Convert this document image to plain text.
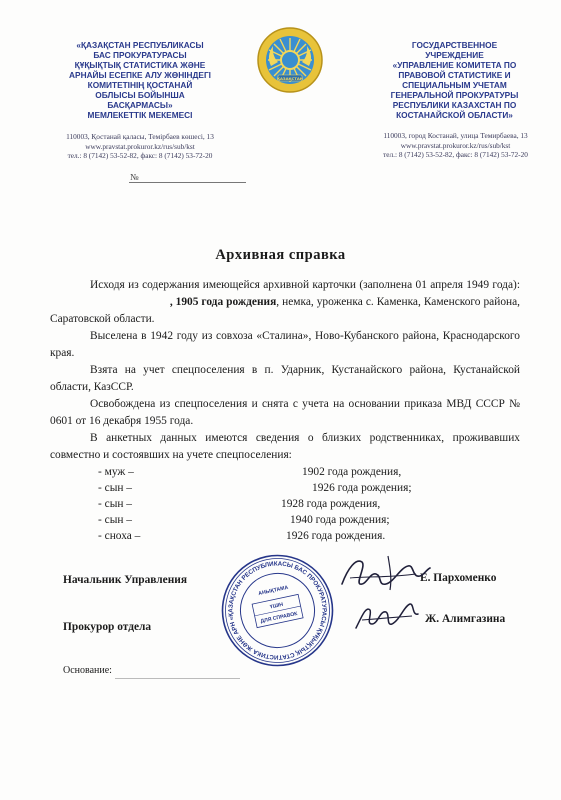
«ҚАЗАҚСТАН РЕСПУБЛИКАСЫ
БАС ПРОКУРАТУРАСЫ
ҚҰҚЫҚТЫҚ СТАТИСТИКА ЖӘНЕ
АРНАЙЫ ЕСЕПКЕ АЛУ ЖӨНІНДЕГІ
КОМИТЕТІНІҢ ҚОСТАНАЙ
ОБЛЫСЫ БОЙЫНША
БАСҚАРМАСЫ»
МЕМЛЕКЕТТІК МЕКЕМЕСІ
ҚАЗАҚСТАН
ГОСУДАРСТВЕННОЕ
УЧРЕЖДЕНИЕ
«УПРАВЛЕНИЕ КОМИТЕТА ПО
ПРАВОВОЙ СТАТИСТИКЕ И
СПЕЦИАЛЬНЫМ УЧЕТАМ
ГЕНЕРАЛЬНОЙ ПРОКУРАТУРЫ
РЕСПУБЛИКИ КАЗАХСТАН ПО
КОСТАНАЙСКОЙ ОБЛАСТИ»
110003, Қостанай қаласы, Темірбаев көшесі, 13
www.pravstat.prokuror.kz/rus/sub/kst
тел.: 8 (7142) 53-52-82, факс: 8 (7142) 53-72-20
110003, город Костанай, улица Темирбаева, 13
www.pravstat.prokuror.kz/rus/sub/kst
тел.: 8 (7142) 53-52-82, факс: 8 (7142) 53-72-20
№
Архивная справка

Исходя из содержания имеющейся архивной карточки (заполнена 01 апреля 1949 года):                                        , 1905 года рождения, немка, уроженка с. Каменка, Каменского района, Саратовской области.

Выселена в 1942 году из совхоза «Сталина», Ново-Кубанского района, Краснодарского края.

Взята на учет спецпоселения в п. Ударник, Кустанайского района, Кустанайской области, КазССР.

Освобождена из спецпоселения и снята с учета на основании приказа МВД СССР № 0601 от 16 декабря 1955 года.

В анкетных данных имеются сведения о близких родственниках, проживавших совместно и состоявших на учете спецпоселения:

- муж –	1902 года рождения,
- сын –	1926 года рождения;
- сын –	1928 года рождения,
- сын –	1940 года рождения;
- сноха –	1926 года рождения.
Начальник Управления	Е. Пархоменко
Прокурор отдела
Ж. Алимгазина
«ҚАЗАҚСТАН РЕСПУБЛИКАСЫ БАС ПРОКУРАТУРАСЫ ҚҰҚЫҚТЫҚ СТАТИСТИКА ЖӘНЕ АРНАЙЫ
АНЫҚТАМА
ҮШІН
ДЛЯ СПРАВОК
Основание:
